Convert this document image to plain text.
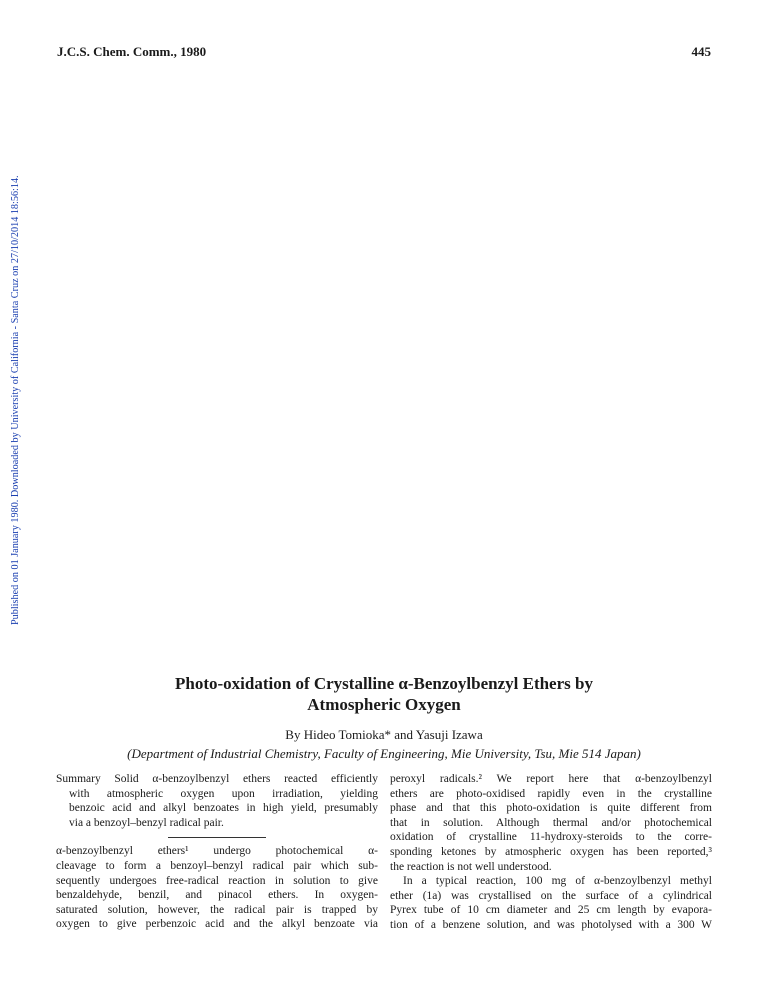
J.C.S. Chem. Comm., 1980	445
Published on 01 January 1980. Downloaded by University of California - Santa Cruz on 27/10/2014 18:56:14.
Photo-oxidation of Crystalline α-Benzoylbenzyl Ethers by
Atmospheric Oxygen
By Hideo Tomioka* and Yasuji Izawa
(Department of Industrial Chemistry, Faculty of Engineering, Mie University, Tsu, Mie 514 Japan)
Summary Solid α-benzoylbenzyl ethers reacted efficiently
with atmospheric oxygen upon irradiation, yielding
benzoic acid and alkyl benzoates in high yield, presumably
via a benzoyl–benzyl radical pair.
α-benzoylbenzyl ethers¹ undergo photochemical α-
cleavage to form a benzoyl–benzyl radical pair which sub-
sequently undergoes free-radical reaction in solution to give
benzaldehyde, benzil, and pinacol ethers. In oxygen-
saturated solution, however, the radical pair is trapped by
oxygen to give perbenzoic acid and the alkyl benzoate via
peroxyl radicals.² We report here that α-benzoylbenzyl
ethers are photo-oxidised rapidly even in the crystalline
phase and that this photo-oxidation is quite different from
that in solution. Although thermal and/or photochemical
oxidation of crystalline 11-hydroxy-steroids to the corre-
sponding ketones by atmospheric oxygen has been reported,³
the reaction is not well understood.
In a typical reaction, 100 mg of α-benzoylbenzyl methyl
ether (1a) was crystallised on the surface of a cylindrical
Pyrex tube of 10 cm diameter and 25 cm length by evapora-
tion of a benzene solution, and was photolysed with a 300 W
